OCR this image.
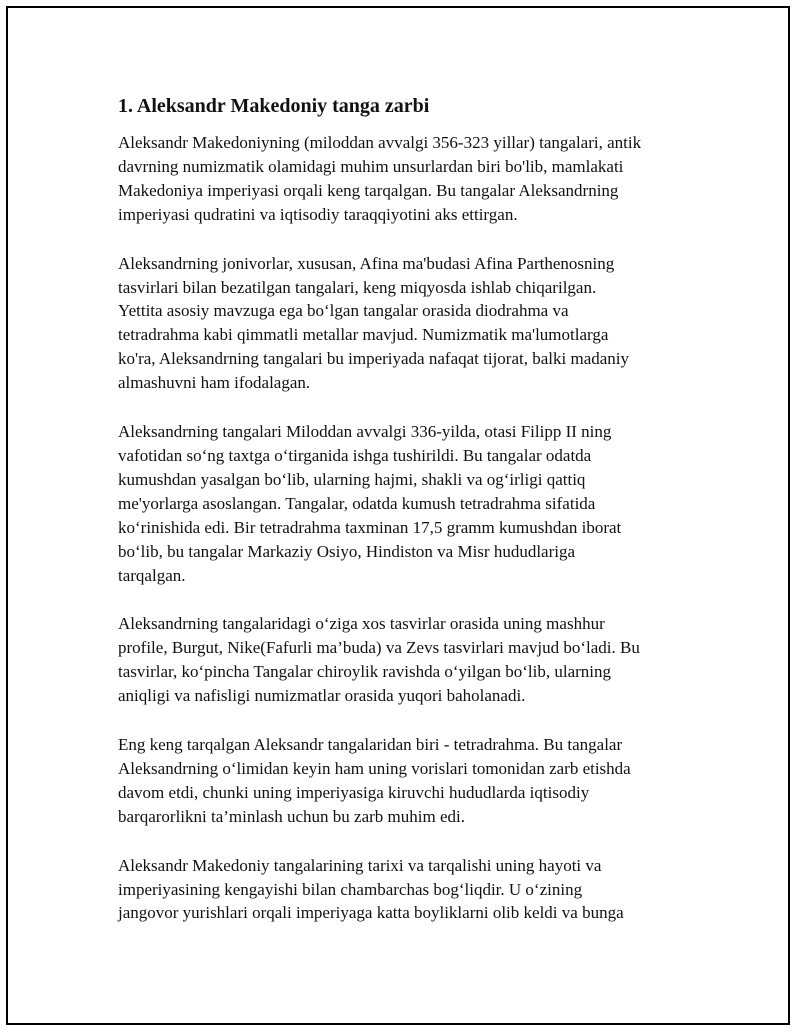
1. Aleksandr Makedoniy tanga zarbi

Aleksandr Makedoniyning (miloddan avvalgi 356-323 yillar) tangalari, antik
davrning numizmatik olamidagi muhim unsurlardan biri bo'lib, mamlakati
Makedoniya imperiyasi orqali keng tarqalgan. Bu tangalar Aleksandrning
imperiyasi qudratini va iqtisodiy taraqqiyotini aks ettirgan.

Aleksandrning jonivorlar, xususan, Afina ma'budasi Afina Parthenosning
tasvirlari bilan bezatilgan tangalari, keng miqyosda ishlab chiqarilgan.
Yettita asosiy mavzuga ega bo‘lgan tangalar orasida diodrahma va
tetradrahma kabi qimmatli metallar mavjud. Numizmatik ma'lumotlarga
ko'ra, Aleksandrning tangalari bu imperiyada nafaqat tijorat, balki madaniy
almashuvni ham ifodalagan.

Aleksandrning tangalari Miloddan avvalgi 336-yilda, otasi Filipp II ning
vafotidan so‘ng taxtga o‘tirganida ishga tushirildi. Bu tangalar odatda
kumushdan yasalgan bo‘lib, ularning hajmi, shakli va og‘irligi qattiq
me'yorlarga asoslangan. Tangalar, odatda kumush tetradrahma sifatida
ko‘rinishida edi. Bir tetradrahma taxminan 17,5 gramm kumushdan iborat
bo‘lib, bu tangalar Markaziy Osiyo, Hindiston va Misr hududlariga
tarqalgan.

Aleksandrning tangalaridagi o‘ziga xos tasvirlar orasida uning mashhur
profile, Burgut, Nike(Fafurli ma’buda) va Zevs tasvirlari mavjud bo‘ladi. Bu
tasvirlar, ko‘pincha Tangalar chiroylik ravishda o‘yilgan bo‘lib, ularning
aniqligi va nafisligi numizmatlar orasida yuqori baholanadi.

Eng keng tarqalgan Aleksandr tangalaridan biri - tetradrahma. Bu tangalar
Aleksandrning o‘limidan keyin ham uning vorislari tomonidan zarb etishda
davom etdi, chunki uning imperiyasiga kiruvchi hududlarda iqtisodiy
barqarorlikni ta’minlash uchun bu zarb muhim edi.

Aleksandr Makedoniy tangalarining tarixi va tarqalishi uning hayoti va
imperiyasining kengayishi bilan chambarchas bog‘liqdir. U o‘zining
jangovor yurishlari orqali imperiyaga katta boyliklarni olib keldi va bunga
